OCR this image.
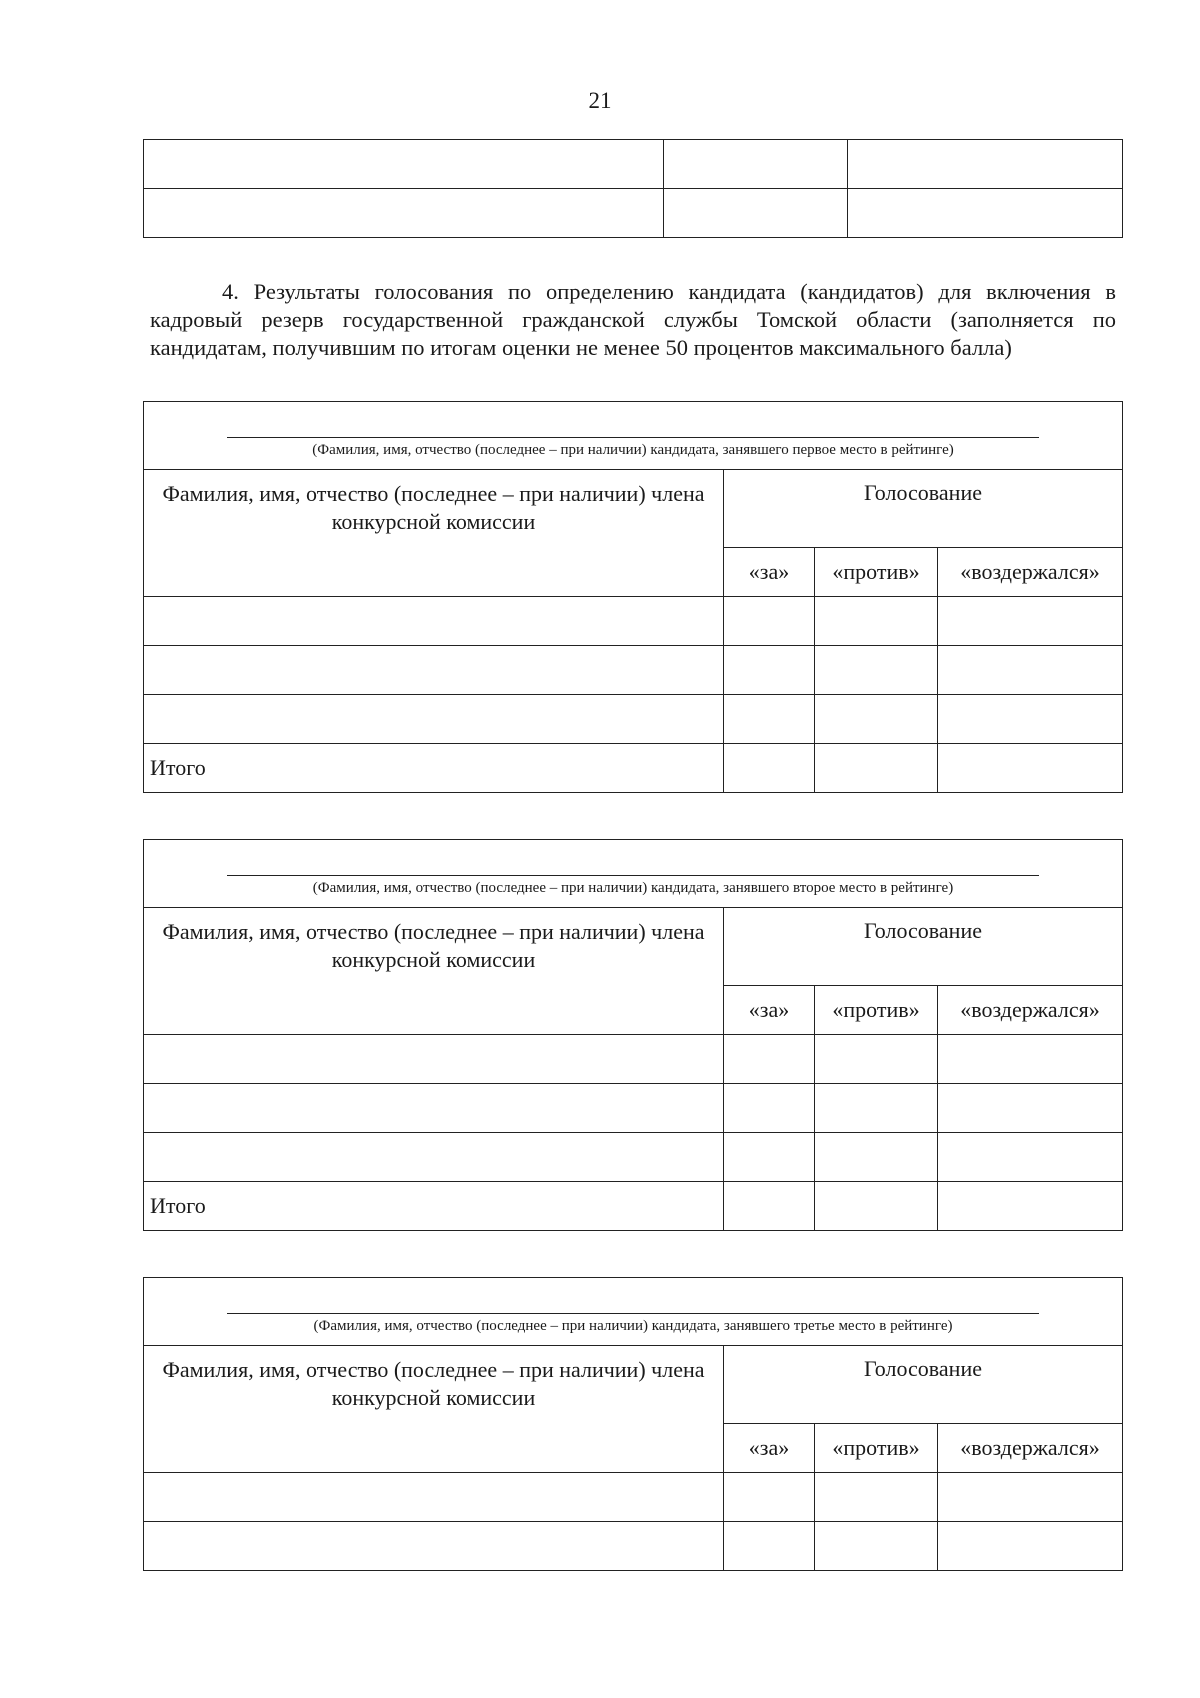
21

4. Результаты голосования по определению кандидата (кандидатов) для включения в кадровый резерв государственной гражданской службы Томской области (заполняется по кандидатам, получившим по итогам оценки не менее 50 процентов максимального балла)
(Фамилия, имя, отчество (последнее – при наличии) кандидата, занявшего первое место в рейтинге)			

Фамилия, имя, отчество (последнее – при наличии) члена конкурсной комиссии	Голосование		
	«за»	«против»	«воздержался»

Итого			
(Фамилия, имя, отчество (последнее – при наличии) кандидата, занявшего второе место в рейтинге)			

Фамилия, имя, отчество (последнее – при наличии) члена конкурсной комиссии	Голосование		
	«за»	«против»	«воздержался»

Итого			
(Фамилия, имя, отчество (последнее – при наличии) кандидата, занявшего третье место в рейтинге)			

Фамилия, имя, отчество (последнее – при наличии) члена конкурсной комиссии	Голосование		
	«за»	«против»	«воздержался»
